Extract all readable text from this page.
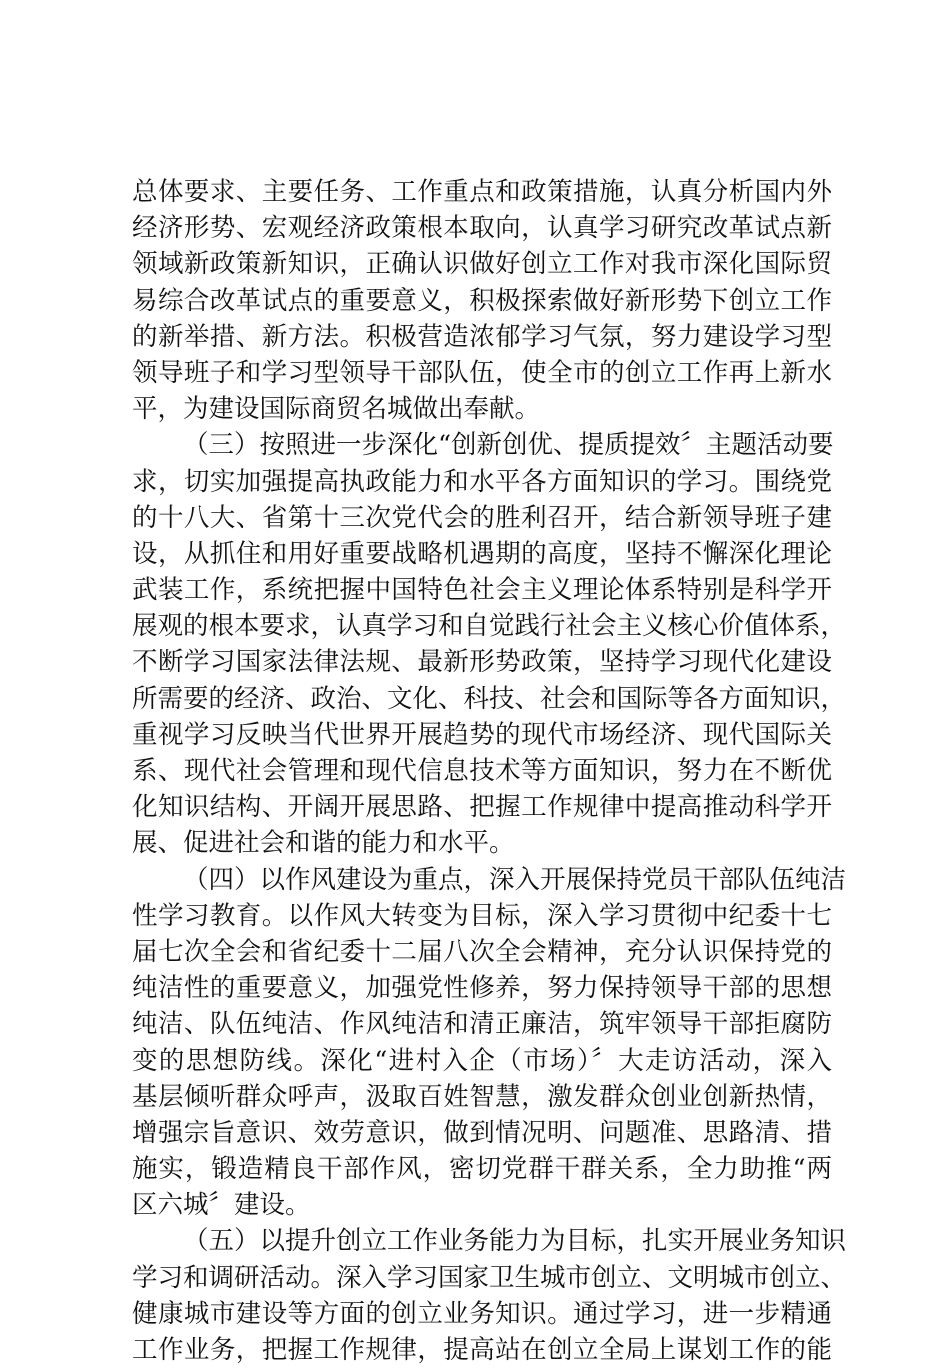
总体要求、主要任务、工作重点和政策措施，认真分析国内外
经济形势、宏观经济政策根本取向，认真学习研究改革试点新
领域新政策新知识，正确认识做好创立工作对我市深化国际贸
易综合改革试点的重要意义，积极探索做好新形势下创立工作
的新举措、新方法。积极营造浓郁学习气氛，努力建设学习型
领导班子和学习型领导干部队伍，使全市的创立工作再上新水
平，为建设国际商贸名城做出奉献。
（三）按照进一步深化“创新创优、提质提效〞主题活动要
求，切实加强提高执政能力和水平各方面知识的学习。围绕党
的十八大、省第十三次党代会的胜利召开，结合新领导班子建
设，从抓住和用好重要战略机遇期的高度，坚持不懈深化理论
武装工作，系统把握中国特色社会主义理论体系特别是科学开
展观的根本要求，认真学习和自觉践行社会主义核心价值体系，
不断学习国家法律法规、最新形势政策，坚持学习现代化建设
所需要的经济、政治、文化、科技、社会和国际等各方面知识，
重视学习反映当代世界开展趋势的现代市场经济、现代国际关
系、现代社会管理和现代信息技术等方面知识，努力在不断优
化知识结构、开阔开展思路、把握工作规律中提高推动科学开
展、促进社会和谐的能力和水平。
（四）以作风建设为重点，深入开展保持党员干部队伍纯洁
性学习教育。以作风大转变为目标，深入学习贯彻中纪委十七
届七次全会和省纪委十二届八次全会精神，充分认识保持党的
纯洁性的重要意义，加强党性修养，努力保持领导干部的思想
纯洁、队伍纯洁、作风纯洁和清正廉洁，筑牢领导干部拒腐防
变的思想防线。深化“进村入企（市场）〞大走访活动，深入
基层倾听群众呼声，汲取百姓智慧，激发群众创业创新热情，
增强宗旨意识、效劳意识，做到情况明、问题准、思路清、措
施实，锻造精良干部作风，密切党群干群关系，全力助推“两
区六城〞建设。
（五）以提升创立工作业务能力为目标，扎实开展业务知识
学习和调研活动。深入学习国家卫生城市创立、文明城市创立、
健康城市建设等方面的创立业务知识。通过学习，进一步精通
工作业务，把握工作规律，提高站在创立全局上谋划工作的能
